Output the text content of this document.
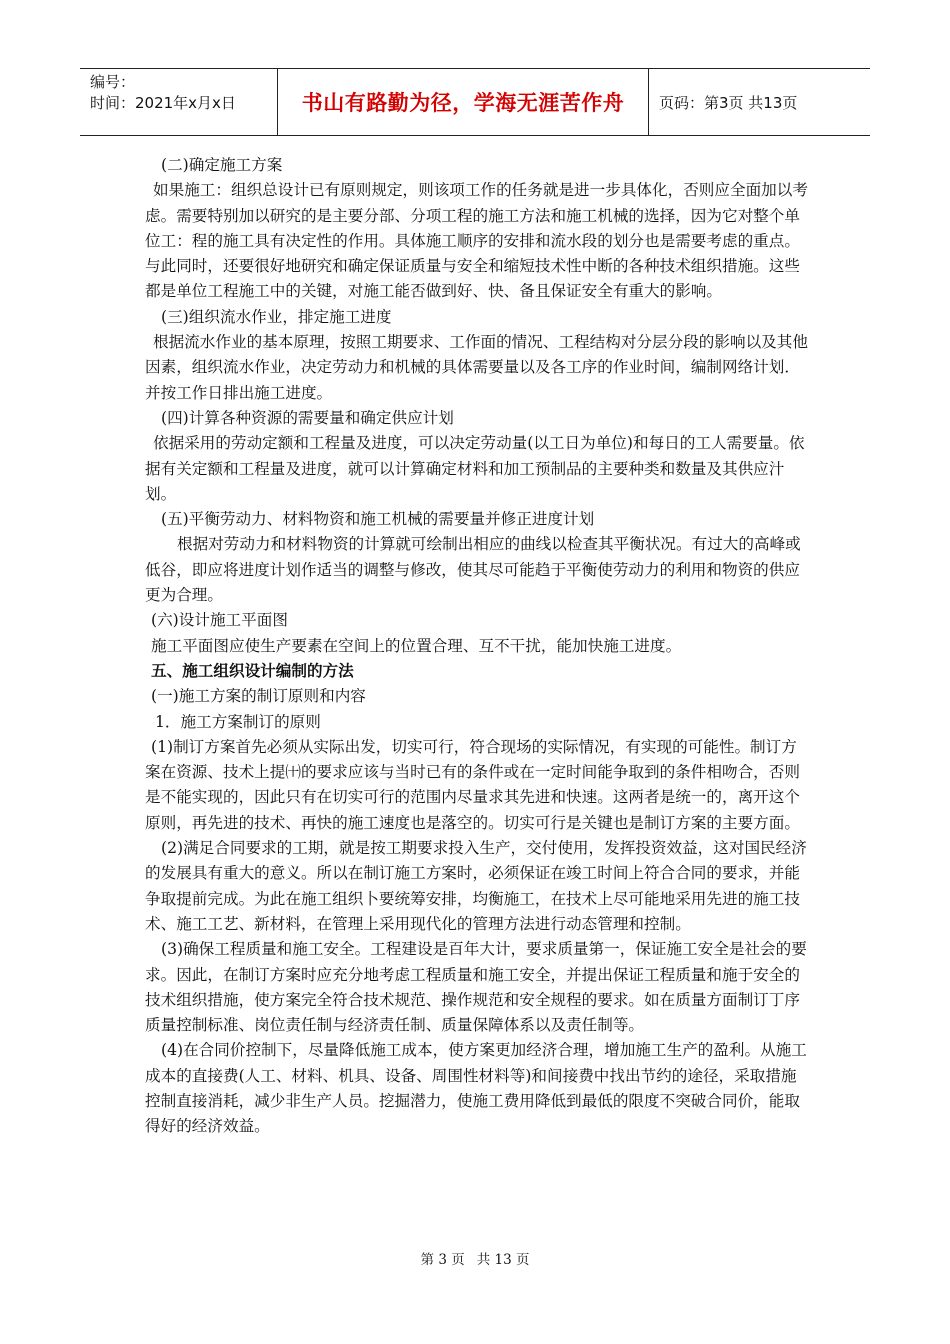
编号：
时间：2021年x月x日	书山有路勤为径，学海无涯苦作舟	页码：第3页 共13页

(二)确定施工方案

如果施工：组织总设计已有原则规定，则该项工作的任务就是进一步具体化，否则应全面加以考虑。需要特别加以研究的是主要分部、分项工程的施工方法和施工机械的选择，因为它对整个单位工：程的施工具有决定性的作用。具体施工顺序的安排和流水段的划分也是需要考虑的重点。与此同时，还要很好地研究和确定保证质量与安全和缩短技术性中断的各种技术组织措施。这些都是单位工程施工中的关键，对施工能否做到好、快、备且保证安全有重大的影响。

(三)组织流水作业，排定施工进度

根据流水作业的基本原理，按照工期要求、工作面的情况、工程结构对分层分段的影响以及其他因素，组织流水作业，决定劳动力和机械的具体需要量以及各工序的作业时间，编制网络计划．并按工作日排出施工进度。

(四)计算各种资源的需要量和确定供应计划

依据采用的劳动定额和工程量及进度，可以决定劳动量(以工日为单位)和每日的工人需要量。依据有关定额和工程量及进度，就可以计算确定材料和加工预制品的主要种类和数量及其供应汁划。

(五)平衡劳动力、材料物资和施工机械的需要量并修正进度计划

根据对劳动力和材料物资的计算就可绘制出相应的曲线以检查其平衡状况。有过大的高峰或低谷，即应将进度计划作适当的调整与修改，使其尽可能趋于平衡使劳动力的利用和物资的供应更为合理。

(六)设计施工平面图

施工平面图应使生产要素在空间上的位置合理、互不干扰，能加快施工进度。

五、施工组织设计编制的方法

(一)施工方案的制订原则和内容

1．施工方案制订的原则

(1)制订方案首先必须从实际出发，切实可行，符合现场的实际情况，有实现的可能性。制订方案在资源、技术上提㈩的要求应该与当时已有的条件或在一定时间能争取到的条件相吻合，否则是不能实现的，因此只有在切实可行的范围内尽量求其先进和快速。这两者是统一的，离开这个原则，再先进的技术、再快的施工速度也是落空的。切实可行是关键也是制订方案的主要方面。

(2)满足合同要求的工期，就是按工期要求投入生产，交付使用，发挥投资效益，这对国民经济的发展具有重大的意义。所以在制订施工方案时，必须保证在竣工时间上符合合同的要求，并能争取提前完成。为此在施工组织卜要统筹安排，均衡施工，在技术上尽可能地采用先进的施工技术、施工工艺、新材料，在管理上采用现代化的管理方法进行动态管理和控制。

(3)确保工程质量和施工安全。工程建设是百年大计，要求质量第一，保证施工安全是社会的要求。因此，在制订方案时应充分地考虑工程质量和施工安全，并提出保证工程质量和施于安全的技术组织措施，使方案完全符合技术规范、操作规范和安全规程的要求。如在质量方面制订丁序质量控制标准、岗位责任制与经济责任制、质量保障体系以及责任制等。

(4)在合同价控制下，尽量降低施工成本，使方案更加经济合理，增加施工生产的盈利。从施工成本的直接费(人工、材料、机具、设备、周围性材料等)和间接费中找出节约的途径，采取措施控制直接消耗，减少非生产人员。挖掘潜力，使施工费用降低到最低的限度不突破合同价，能取得好的经济效益。

第 3 页 共 13 页
